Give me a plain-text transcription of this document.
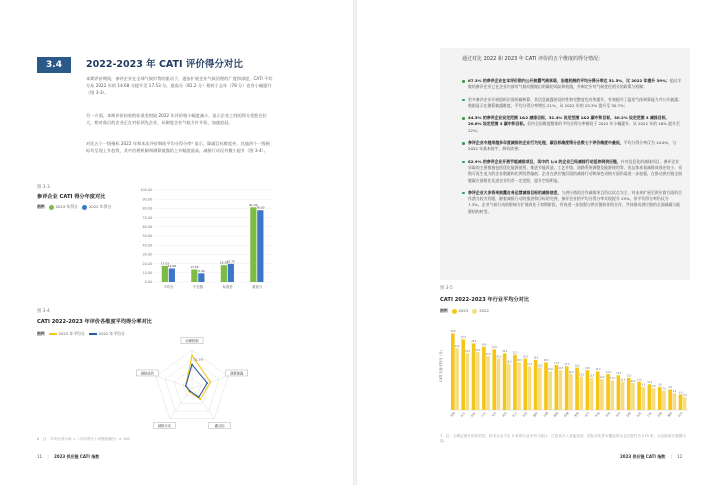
3.4	2022-2023 年 CATI 评价得分对比

本期评价期间，参评企业在全球气候形势的驱动下，逐步扩展企业气候治理的广度和深度，CATI 平均分从 2022 年的 14.68 分提升至 17.53 分，最高分（81.2 分）相较于去年（78 分）也有小幅提升（图 3-3）。

另一方面，本期评价结果的标准差相较 2022 年评价缩小幅度减小，显示企业之间的得分差距在拉大，相对落后的企业正在对标领先企业，从制度企业气候方针开始，加速追赶。

对比五个一级指标 2022 年和本次评价期间平均分得分率⁶ 显示，除碳目标维度外，其他四个一级指标均呈现上升趋势，其中治理机制和测算披露的上升幅度最高，减排行动仅有微小提升（图 3-4）。

图 3-3
参评企业 CATI 得分年度对比
图例	2023 年得分	2022 年得分
100.00
90.00
80.00
70.00
60.00
50.00
40.00
30.00
20.00
10.00
0.00
17.53
14.68
平均分
13.59
9.46
中位数
18.28
19.75
标准差
81.20
78.00
最高分
图 3-4
CATI 2022-2023 年评价各维度平均得分率对比
图例	2023 年平均分	2022 年平均分
治理机制
测算披露
碳目标
减排行动
减排成效
51.5%
6　注：平均分得分率 =（平均得分 / 该维度满分）× 100
11 | 2023 供应链 CATI 指数
通过对比 2022 和 2023 年 CATI 评价的五个维度的得分情况：
67.3% 的参评企业在本评价期内公开披露气候承诺，治理机制的平均分得分率达 51.5%，比 2022 年提升 39%；超过半数的参评企业已在企业内部对气候问题做出明确的风险和机遇，并制定应对气候变化相关的政策与机制；
更多参评企业开展组织层面的碳核算，其信息披露的及时性和完整度也有所提升，有效提升了温室气体核算能力并公开披露；数据显示在测算披露维度，平均分得分率增长 21%，从 2022 年的 25.3% 提升至 30.7%；
44.5% 的参评企业设定范围 1&2 减排目标，31.4% 设定范围 1&2 碳中和目标，30.2% 设定范围 3 减排目标，20.6% 设定范围 3 碳中和目标。但经全国维度整体的平均分得分率相较于 2022 年小幅提升，从 2022 年的 18% 提升至 22%；
参评企业中越来越多年度减排的企业行为处理，碳目标维度得分总数七个评价维度中最低，平均分得分率仅为 10.6%，与 2022 年基本持平，鲜有改善；
82.9% 的参评企业开展节能减排项目，其中约 1/4 的企业已经减排行动延伸到供应链，针对信息化的减排项目、参评企业采取的主要措施包括优化能源使用、推进节能改造、工艺升级、油路系统调整及能源使用等，但总体来看减排成效还较小，采购可再生电力的企业数量和比例仍然偏低；企业在供应链层面的减排行动和绿色采购方面仍需进一步加强，在推动供应链全面脱碳方面相比先进企业仍有一定差距，提升空间明显。
参评企业大多将来披露自身运营减排目标的减排信息，与供应商的合作减排项目仍以试点为主，对未来扩展至供应商方面的合作潜力较为有限，随着减排行动的推进和目标的完善，参评企业的平均分得分率实现提升 25%，但平均得分率仍仅为 7.3%，企业气候行动的影响力扩展尚处于初期阶段，有待进一步加强与供应链伙伴的合作，共同推动供应链的全面减碳与能源结构转型。
图 3-5
CATI 2022-2023 年行业平均分对比
图例	2023	2022
CATI 行业平均分（分）
29.8
24.0
其他
27.5
22.0
电子
25.9
22.5
纺织
24.6
21.0
汽车
23.6
20.0
光伏
22.0
18.0
食品
21.5
18.5
化工
20.0
17.0
医药
19.5
16.5
建材
18.5
15.0
印刷
17.5
15.5
钢铁
17.0
14.0
机械
16.5
13.0
塑料
15.5
12.5
电气
15.0
12.0
物流
14.0
11.5
家电
13.5
11.0
家具
12.5
10.5
造纸
11.0
9.0
包装
10.0
8.5
日化
9.0
7.5
金属
8.0
6.5
橡胶
6.0
5.0
玩具
7　注：为保证统计的有效性，样本企业不足 5 家的行业未列入统计，已将其归入其他类别，实际对比样本覆盖的企业总数约为 570 家，以实际统计数据为准。
2023 供应链 CATI 指数 | 12
